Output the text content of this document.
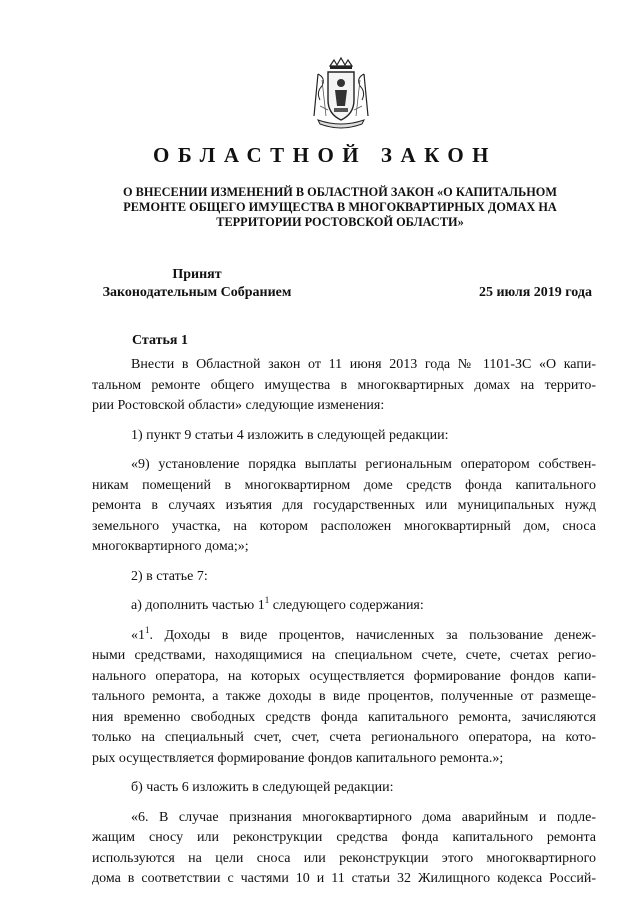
ОБЛАСТНОЙ ЗАКОН
О ВНЕСЕНИИ ИЗМЕНЕНИЙ В ОБЛАСТНОЙ ЗАКОН «О КАПИТАЛЬНОМ
РЕМОНТЕ ОБЩЕГО ИМУЩЕСТВА В МНОГОКВАРТИРНЫХ ДОМАХ НА
ТЕРРИТОРИИ РОСТОВСКОЙ ОБЛАСТИ»
Принят
Законодательным Собранием	25 июля 2019 года
Статья 1
Внести в Областной закон от 11 июня 2013 года № 1101-ЗС «О капи-
тальном ремонте общего имущества в многоквартирных домах на террито-
рии Ростовской области» следующие изменения:
1) пункт 9 статьи 4 изложить в следующей редакции:
«9) установление порядка выплаты региональным оператором собствен-
никам помещений в многоквартирном доме средств фонда капитального
ремонта в случаях изъятия для государственных или муниципальных нужд
земельного участка, на котором расположен многоквартирный дом, сноса
многоквартирного дома;»;
2) в статье 7:
а) дополнить частью $1^1$ следующего содержания:
«$1^1$. Доходы в виде процентов, начисленных за пользование денеж-
ными средствами, находящимися на специальном счете, счете, счетах регио-
нального оператора, на которых осуществляется формирование фондов капи-
тального ремонта, а также доходы в виде процентов, полученные от размеще-
ния временно свободных средств фонда капитального ремонта, зачисляются
только на специальный счет, счет, счета регионального оператора, на кото-
рых осуществляется формирование фондов капитального ремонта.»;
б) часть 6 изложить в следующей редакции:
«6. В случае признания многоквартирного дома аварийным и подле-
жащим сносу или реконструкции средства фонда капитального ремонта
используются на цели сноса или реконструкции этого многоквартирного
дома в соответствии с частями 10 и 11 статьи 32 Жилищного кодекса Россий-
